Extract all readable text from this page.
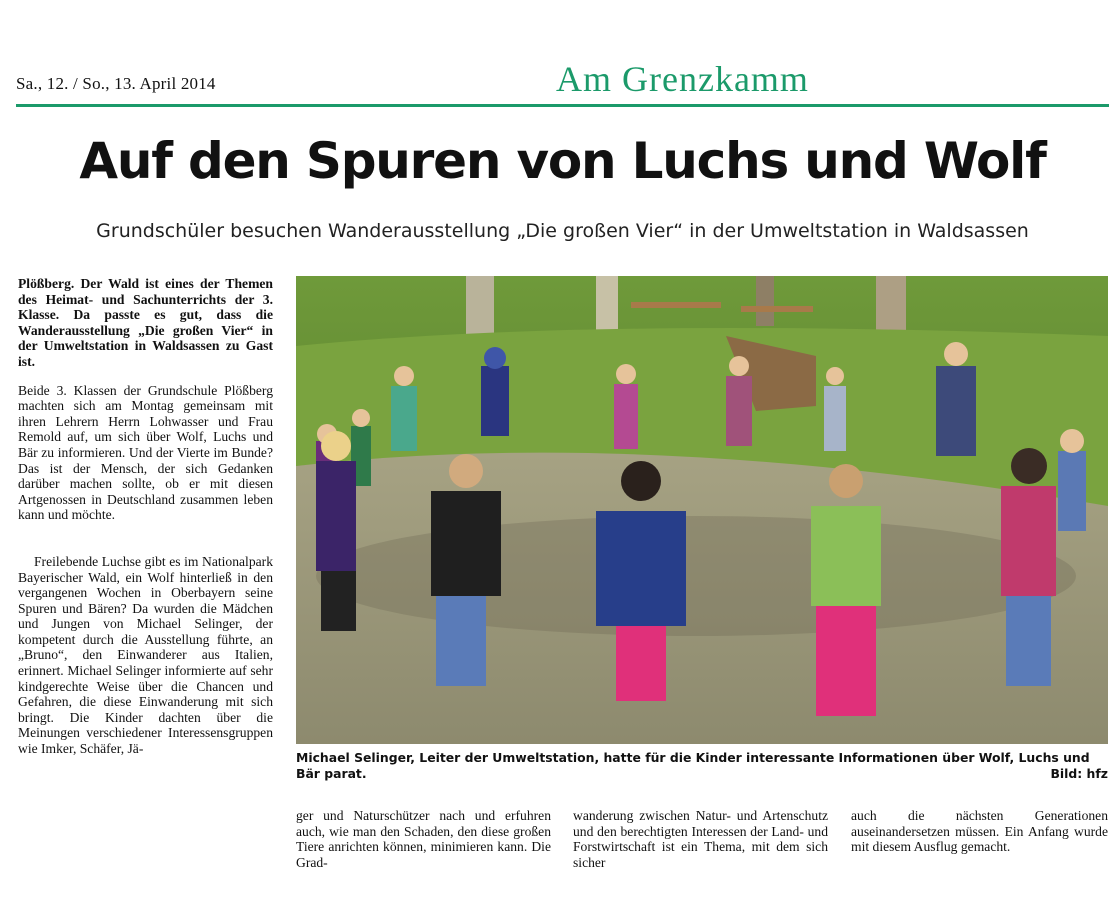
Sa., 12. / So., 13. April 2014	Am Grenzkamm
Auf den Spuren von Luchs und Wolf
Grundschüler besuchen Wanderausstellung „Die großen Vier“ in der Umweltstation in Waldsassen

Plößberg. Der Wald ist eines der Themen des Heimat- und Sachunterrichts der 3. Klasse. Da passte es gut, dass die Wanderausstellung „Die großen Vier“ in der Umweltstation in Waldsassen zu Gast ist.

Beide 3. Klassen der Grundschule Plößberg machten sich am Montag gemeinsam mit ihren Lehrern Herrn Lohwasser und Frau Remold auf, um sich über Wolf, Luchs und Bär zu informieren. Und der Vierte im Bunde? Das ist der Mensch, der sich Gedanken darüber machen sollte, ob er mit diesen Artgenossen in Deutschland zusammen leben kann und möchte.

Freilebende Luchse gibt es im Nationalpark Bayerischer Wald, ein Wolf hinterließ in den vergangenen Wochen in Oberbayern seine Spuren und Bären? Da wurden die Mädchen und Jungen von Michael Selinger, der kompetent durch die Ausstellung führte, an „Bruno“, den Einwanderer aus Italien, erinnert. Michael Selinger informierte auf sehr kindgerechte Weise über die Chancen und Gefahren, die diese Einwanderung mit sich bringt. Die Kinder dachten über die Meinungen verschiedener Interessensgruppen wie Imker, Schäfer, Jä-

ger und Naturschützer nach und erfuhren auch, wie man den Schaden, den diese großen Tiere anrichten können, minimieren kann. Die Grad-

wanderung zwischen Natur- und Artenschutz und den berechtigten Interessen der Land- und Forstwirtschaft ist ein Thema, mit dem sich sicher

auch die nächsten Generationen auseinandersetzen müssen. Ein Anfang wurde mit diesem Ausflug gemacht.

Bild: hfz
Michael Selinger, Leiter der Umweltstation, hatte für die Kinder interessante Informationen über Wolf, Luchs und Bär parat.
